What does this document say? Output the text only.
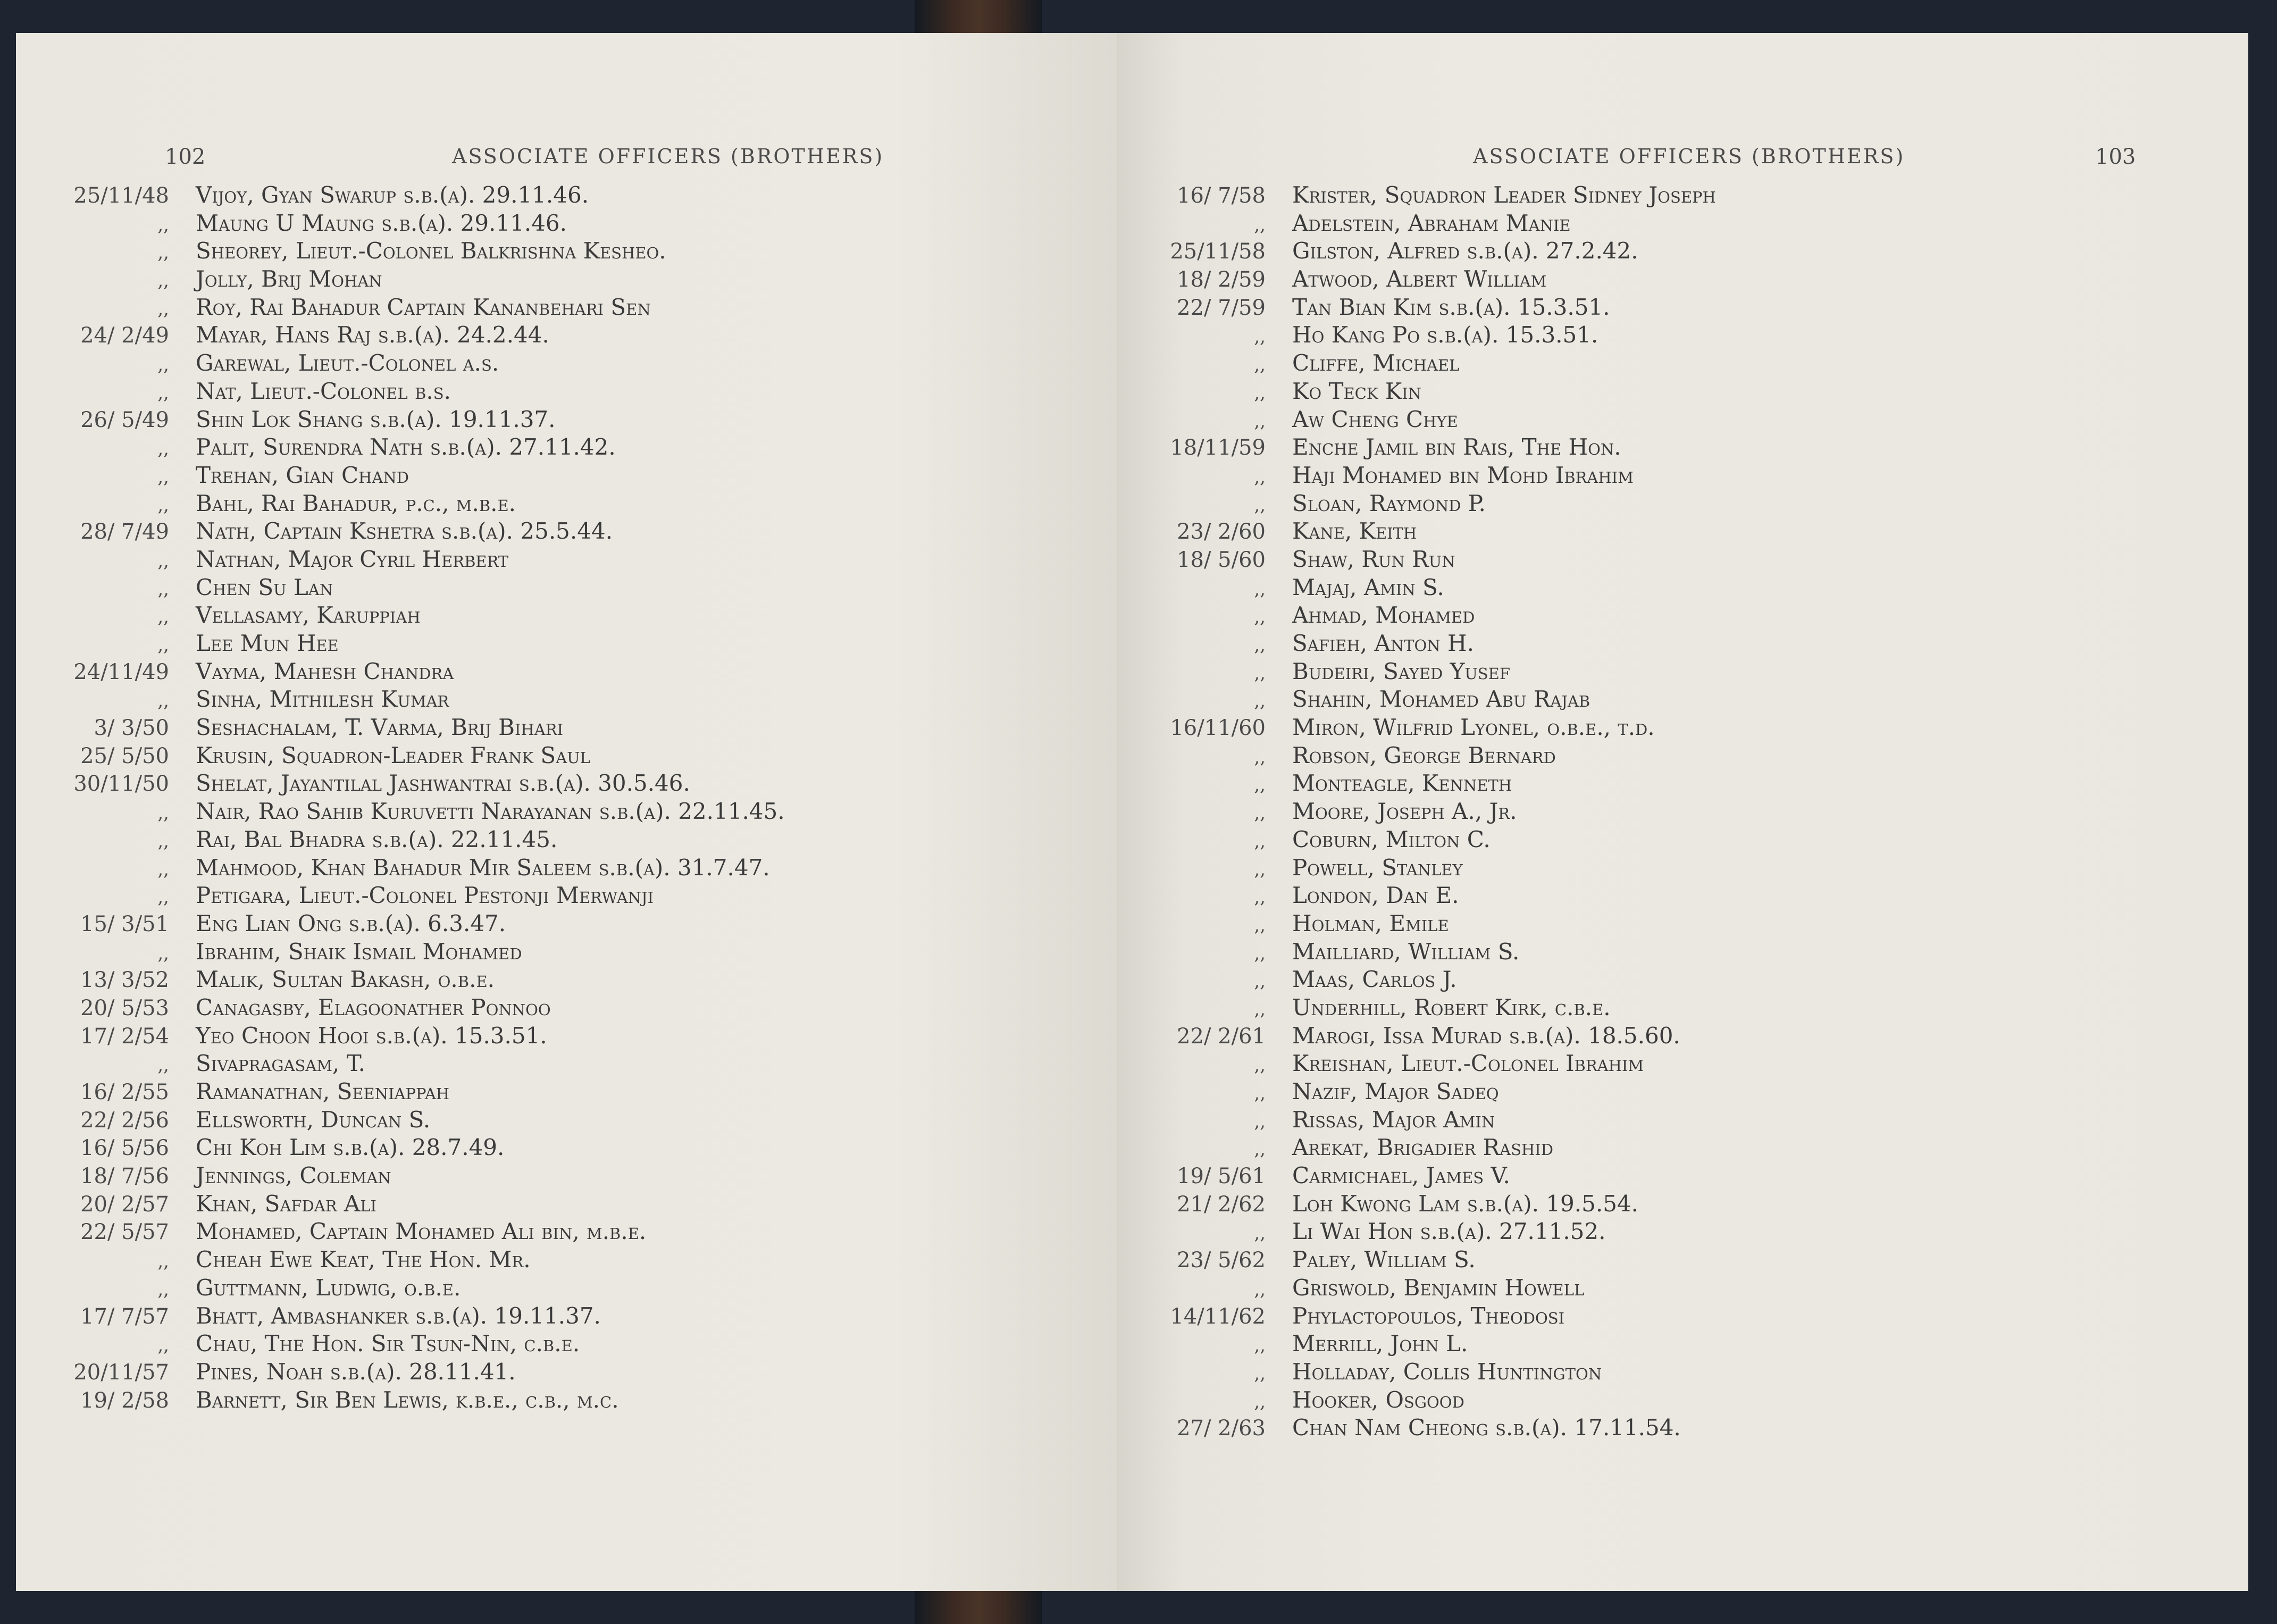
102	ASSOCIATE OFFICERS (BROTHERS)
25/11/48 Vijoy, Gyan Swarup s.b.(a). 29.11.46.
,, Maung U Maung s.b.(a). 29.11.46.
,, Sheorey, Lieut.-Colonel Balkrishna Kesheo.
,, Jolly, Brij Mohan
,, Roy, Rai Bahadur Captain Kananbehari Sen
24/ 2/49 Mayar, Hans Raj s.b.(a). 24.2.44.
,, Garewal, Lieut.-Colonel a.s.
,, Nat, Lieut.-Colonel b.s.
26/ 5/49 Shin Lok Shang s.b.(a). 19.11.37.
,, Palit, Surendra Nath s.b.(a). 27.11.42.
,, Trehan, Gian Chand
,, Bahl, Rai Bahadur, p.c., m.b.e.
28/ 7/49 Nath, Captain Kshetra s.b.(a). 25.5.44.
,, Nathan, Major Cyril Herbert
,, Chen Su Lan
,, Vellasamy, Karuppiah
,, Lee Mun Hee
24/11/49 Vayma, Mahesh Chandra
,, Sinha, Mithilesh Kumar
3/ 3/50 Seshachalam, T. Varma, Brij Bihari
25/ 5/50 Krusin, Squadron-Leader Frank Saul
30/11/50 Shelat, Jayantilal Jashwantrai s.b.(a). 30.5.46.
,, Nair, Rao Sahib Kuruvetti Narayanan s.b.(a). 22.11.45.
,, Rai, Bal Bhadra s.b.(a). 22.11.45.
,, Mahmood, Khan Bahadur Mir Saleem s.b.(a). 31.7.47.
,, Petigara, Lieut.-Colonel Pestonji Merwanji
15/ 3/51 Eng Lian Ong s.b.(a). 6.3.47.
,, Ibrahim, Shaik Ismail Mohamed
13/ 3/52 Malik, Sultan Bakash, o.b.e.
20/ 5/53 Canagasby, Elagoonather Ponnoo
17/ 2/54 Yeo Choon Hooi s.b.(a). 15.3.51.
,, Sivapragasam, T.
16/ 2/55 Ramanathan, Seeniappah
22/ 2/56 Ellsworth, Duncan S.
16/ 5/56 Chi Koh Lim s.b.(a). 28.7.49.
18/ 7/56 Jennings, Coleman
20/ 2/57 Khan, Safdar Ali
22/ 5/57 Mohamed, Captain Mohamed Ali bin, m.b.e.
,, Cheah Ewe Keat, The Hon. Mr.
,, Guttmann, Ludwig, o.b.e.
17/ 7/57 Bhatt, Ambashanker s.b.(a). 19.11.37.
,, Chau, The Hon. Sir Tsun-Nin, c.b.e.
20/11/57 Pines, Noah s.b.(a). 28.11.41.
19/ 2/58 Barnett, Sir Ben Lewis, k.b.e., c.b., m.c.
ASSOCIATE OFFICERS (BROTHERS)	103
16/ 7/58 Krister, Squadron Leader Sidney Joseph
,, Adelstein, Abraham Manie
25/11/58 Gilston, Alfred s.b.(a). 27.2.42.
18/ 2/59 Atwood, Albert William
22/ 7/59 Tan Bian Kim s.b.(a). 15.3.51.
,, Ho Kang Po s.b.(a). 15.3.51.
,, Cliffe, Michael
,, Ko Teck Kin
,, Aw Cheng Chye
18/11/59 Enche Jamil bin Rais, The Hon.
,, Haji Mohamed bin Mohd Ibrahim
,, Sloan, Raymond P.
23/ 2/60 Kane, Keith
18/ 5/60 Shaw, Run Run
,, Majaj, Amin S.
,, Ahmad, Mohamed
,, Safieh, Anton H.
,, Budeiri, Sayed Yusef
,, Shahin, Mohamed Abu Rajab
16/11/60 Miron, Wilfrid Lyonel, o.b.e., t.d.
,, Robson, George Bernard
,, Monteagle, Kenneth
,, Moore, Joseph A., Jr.
,, Coburn, Milton C.
,, Powell, Stanley
,, London, Dan E.
,, Holman, Emile
,, Mailliard, William S.
,, Maas, Carlos J.
,, Underhill, Robert Kirk, c.b.e.
22/ 2/61 Marogi, Issa Murad s.b.(a). 18.5.60.
,, Kreishan, Lieut.-Colonel Ibrahim
,, Nazif, Major Sadeq
,, Rissas, Major Amin
,, Arekat, Brigadier Rashid
19/ 5/61 Carmichael, James V.
21/ 2/62 Loh Kwong Lam s.b.(a). 19.5.54.
,, Li Wai Hon s.b.(a). 27.11.52.
23/ 5/62 Paley, William S.
,, Griswold, Benjamin Howell
14/11/62 Phylactopoulos, Theodosi
,, Merrill, John L.
,, Holladay, Collis Huntington
,, Hooker, Osgood
27/ 2/63 Chan Nam Cheong s.b.(a). 17.11.54.
